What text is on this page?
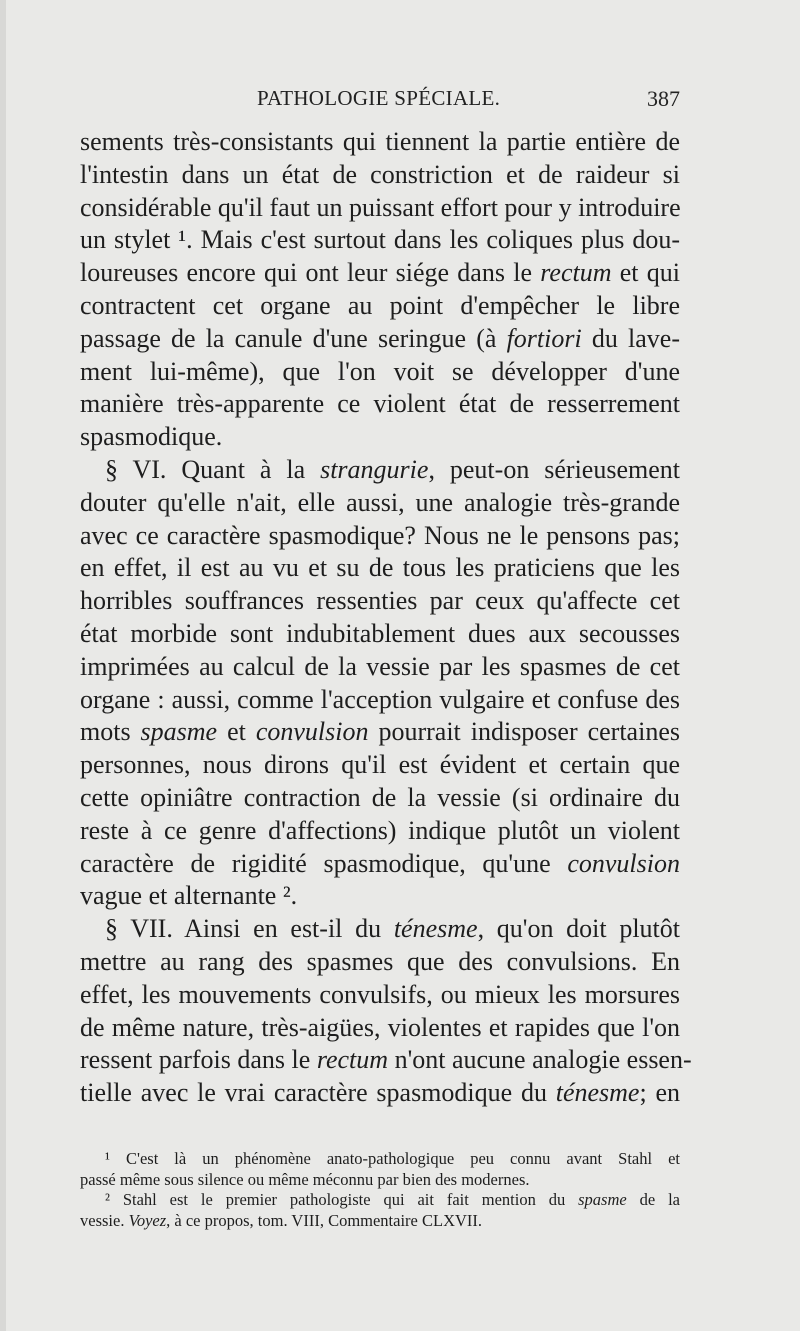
PATHOLOGIE SPÉCIALE.	387
sements très-consistants qui tiennent la partie entière de
l'intestin dans un état de constriction et de raideur si
considérable qu'il faut un puissant effort pour y introduire
un stylet ¹. Mais c'est surtout dans les coliques plus dou-
loureuses encore qui ont leur siége dans le rectum et qui
contractent cet organe au point d'empêcher le libre
passage de la canule d'une seringue (à fortiori du lave-
ment lui-même), que l'on voit se développer d'une
manière très-apparente ce violent état de resserrement
spasmodique.
§ VI. Quant à la strangurie, peut-on sérieusement
douter qu'elle n'ait, elle aussi, une analogie très-grande
avec ce caractère spasmodique? Nous ne le pensons pas;
en effet, il est au vu et su de tous les praticiens que les
horribles souffrances ressenties par ceux qu'affecte cet
état morbide sont indubitablement dues aux secousses
imprimées au calcul de la vessie par les spasmes de cet
organe : aussi, comme l'acception vulgaire et confuse des
mots spasme et convulsion pourrait indisposer certaines
personnes, nous dirons qu'il est évident et certain que
cette opiniâtre contraction de la vessie (si ordinaire du
reste à ce genre d'affections) indique plutôt un violent
caractère de rigidité spasmodique, qu'une convulsion
vague et alternante ².
§ VII. Ainsi en est-il du ténesme, qu'on doit plutôt
mettre au rang des spasmes que des convulsions. En
effet, les mouvements convulsifs, ou mieux les morsures
de même nature, très-aigües, violentes et rapides que l'on
ressent parfois dans le rectum n'ont aucune analogie essen-
tielle avec le vrai caractère spasmodique du ténesme; en
¹ C'est là un phénomène anato-pathologique peu connu avant Stahl et
passé même sous silence ou même méconnu par bien des modernes.
² Stahl est le premier pathologiste qui ait fait mention du spasme de la
vessie. Voyez, à ce propos, tom. VIII, Commentaire CLXVII.
